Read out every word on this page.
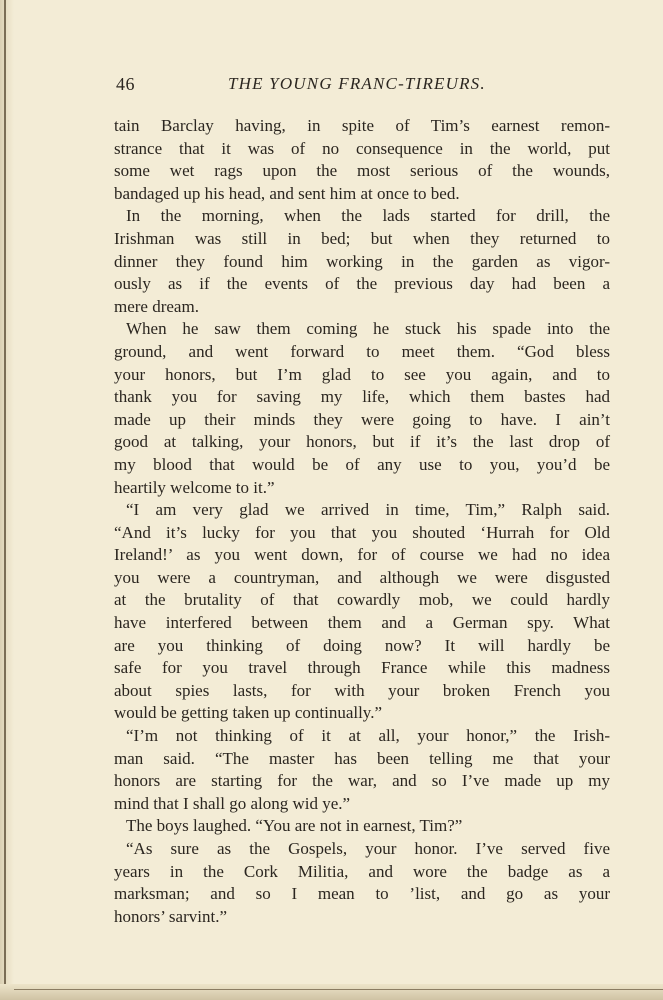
46	THE YOUNG FRANC-TIREURS.
tain Barclay having, in spite of Tim’s earnest remon-
strance that it was of no consequence in the world, put
some wet rags upon the most serious of the wounds,
bandaged up his head, and sent him at once to bed.
In the morning, when the lads started for drill, the
Irishman was still in bed; but when they returned to
dinner they found him working in the garden as vigor-
ously as if the events of the previous day had been a
mere dream.
When he saw them coming he stuck his spade into the
ground, and went forward to meet them. “God bless
your honors, but I’m glad to see you again, and to
thank you for saving my life, which them bastes had
made up their minds they were going to have. I ain’t
good at talking, your honors, but if it’s the last drop of
my blood that would be of any use to you, you’d be
heartily welcome to it.”
“I am very glad we arrived in time, Tim,” Ralph said.
“And it’s lucky for you that you shouted ‘Hurrah for Old
Ireland!’ as you went down, for of course we had no idea
you were a countryman, and although we were disgusted
at the brutality of that cowardly mob, we could hardly
have interfered between them and a German spy. What
are you thinking of doing now? It will hardly be
safe for you travel through France while this madness
about spies lasts, for with your broken French you
would be getting taken up continually.”
“I’m not thinking of it at all, your honor,” the Irish-
man said. “The master has been telling me that your
honors are starting for the war, and so I’ve made up my
mind that I shall go along wid ye.”
The boys laughed. “You are not in earnest, Tim?”
“As sure as the Gospels, your honor. I’ve served five
years in the Cork Militia, and wore the badge as a
marksman; and so I mean to ’list, and go as your
honors’ sarvint.”
